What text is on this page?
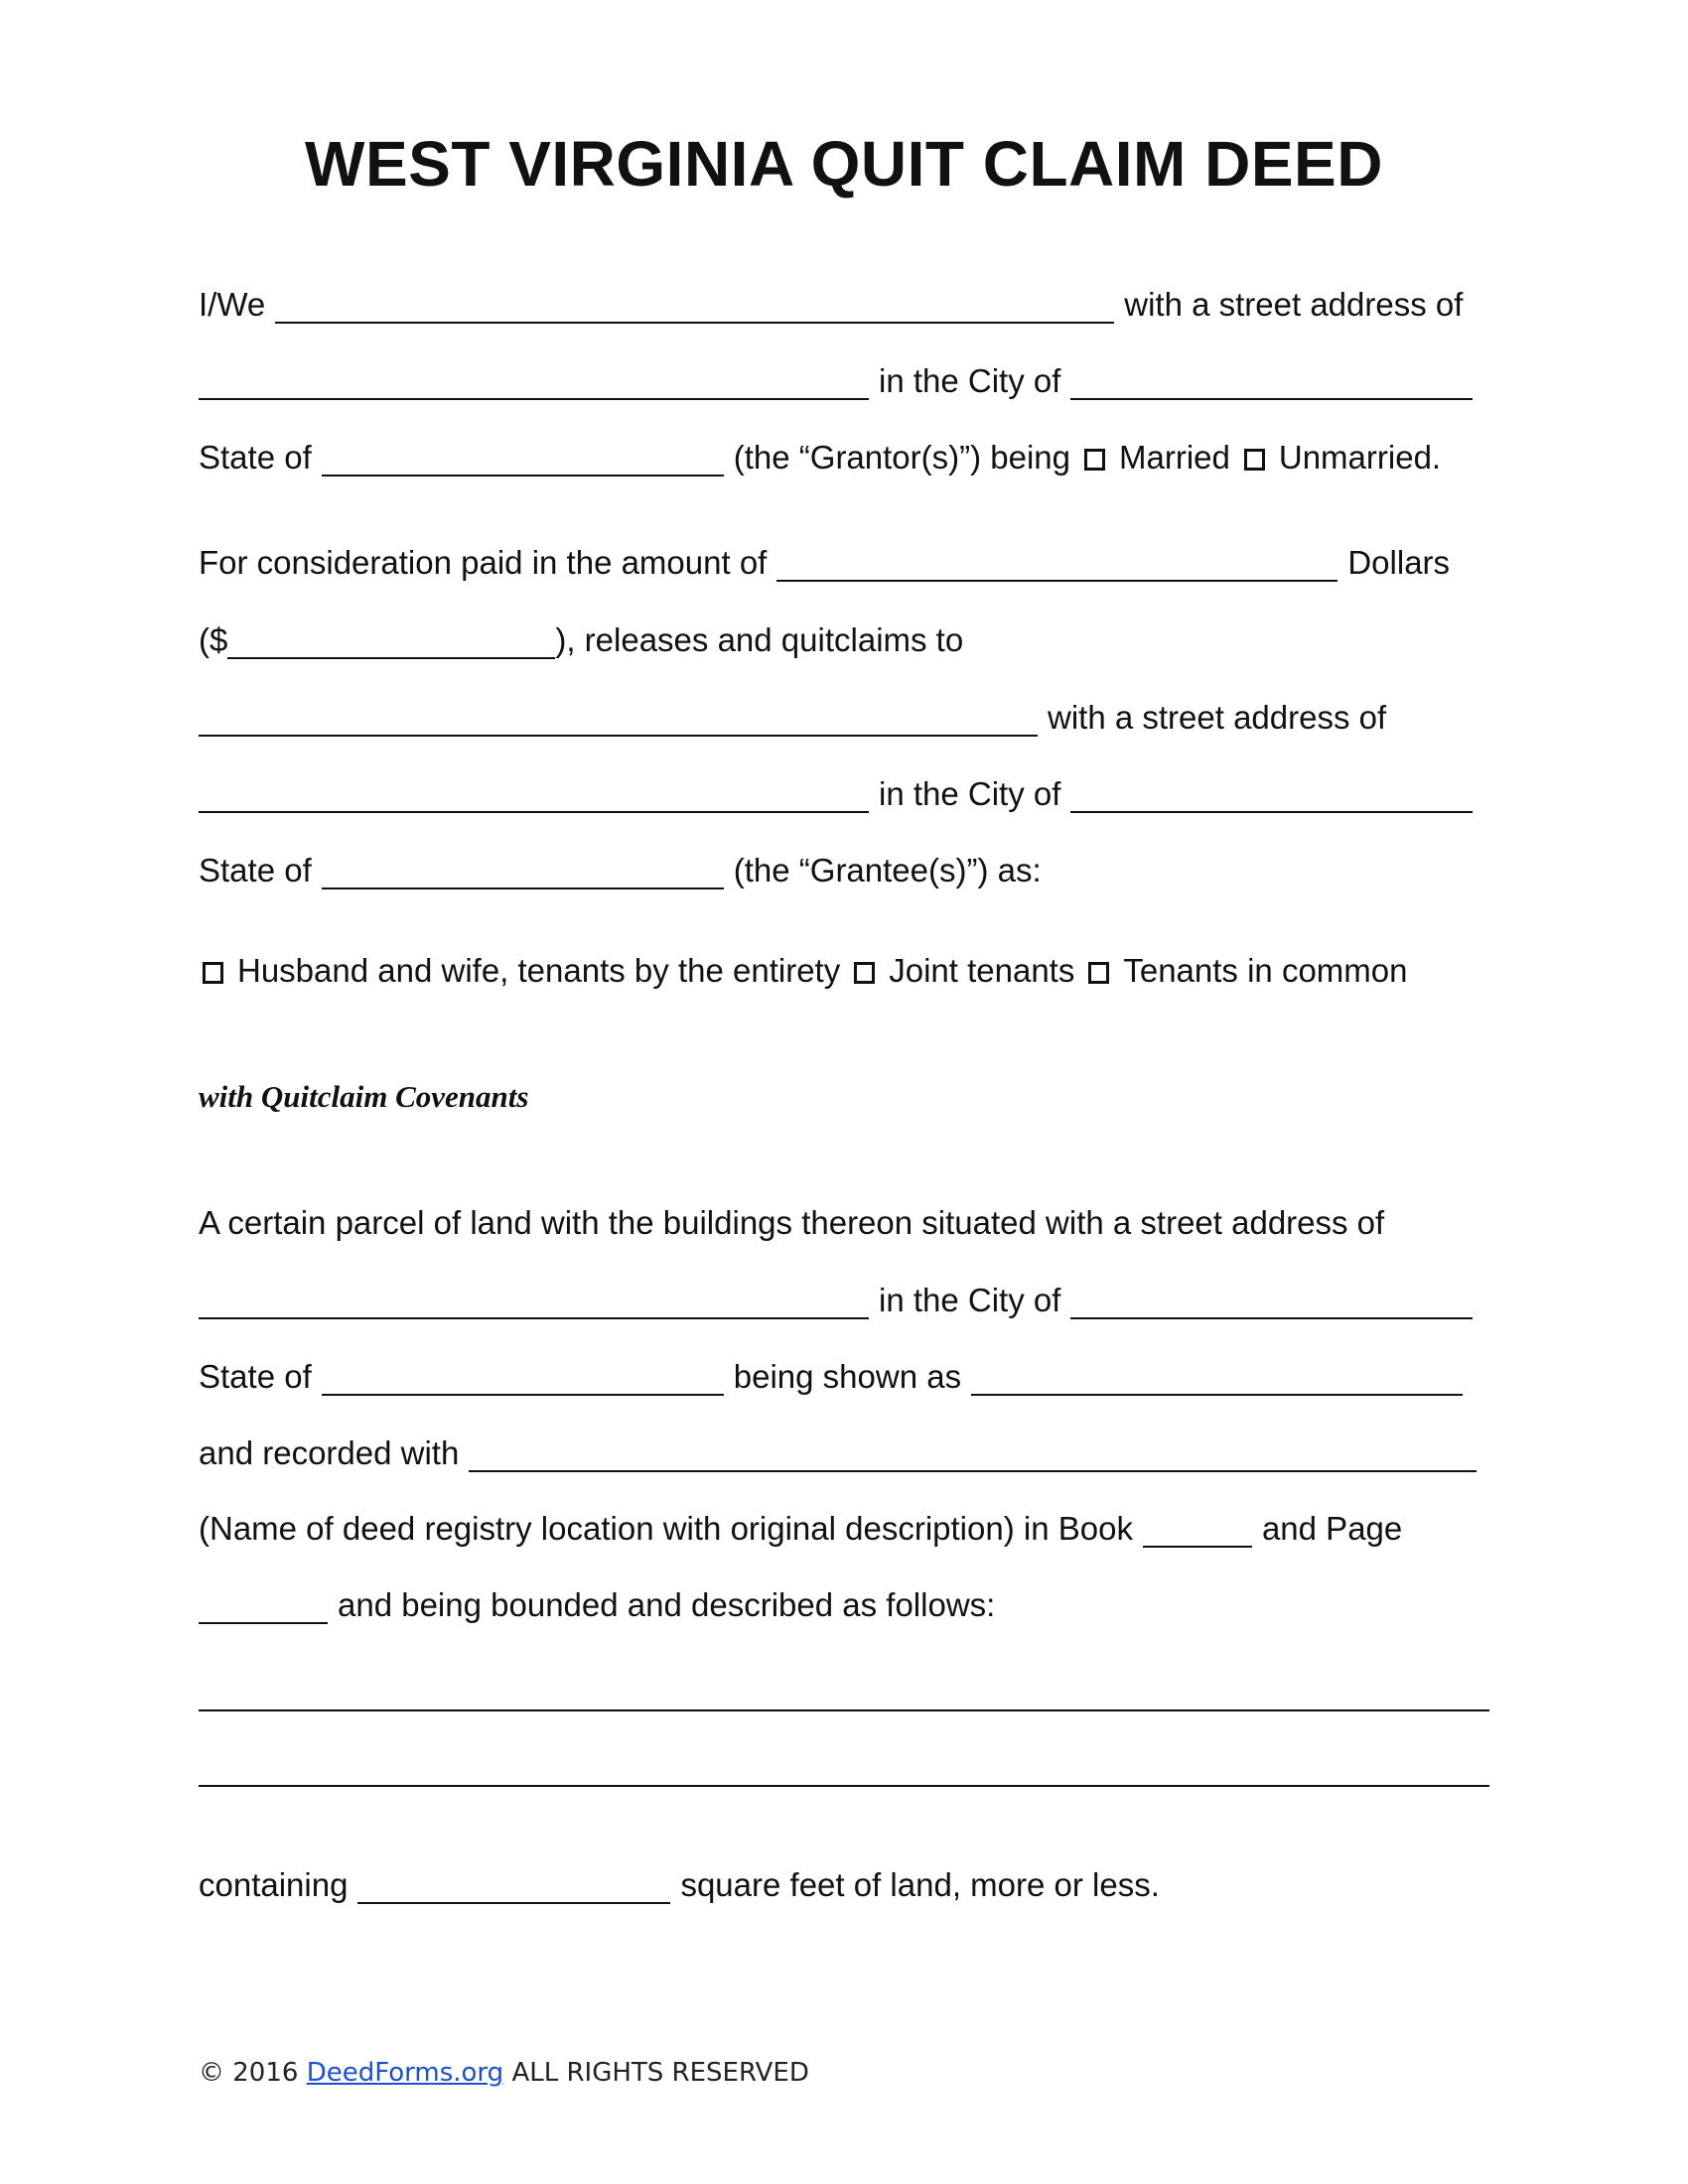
WEST VIRGINIA QUIT CLAIM DEED
I/We	with a street address of
in the City of
State of	(the “Grantor(s)”) being Married Unmarried.
For consideration paid in the amount of	Dollars
($	), releases and quitclaims to
with a street address of
in the City of
State of	(the “Grantee(s)”) as:
Husband and wife, tenants by the entirety Joint tenants Tenants in common
with Quitclaim Covenants
A certain parcel of land with the buildings thereon situated with a street address of
in the City of
State of	being shown as
and recorded with
(Name of deed registry location with original description) in Book	and Page
and being bounded and described as follows:
containing	square feet of land, more or less.
© 2016 DeedForms.org ALL RIGHTS RESERVED
